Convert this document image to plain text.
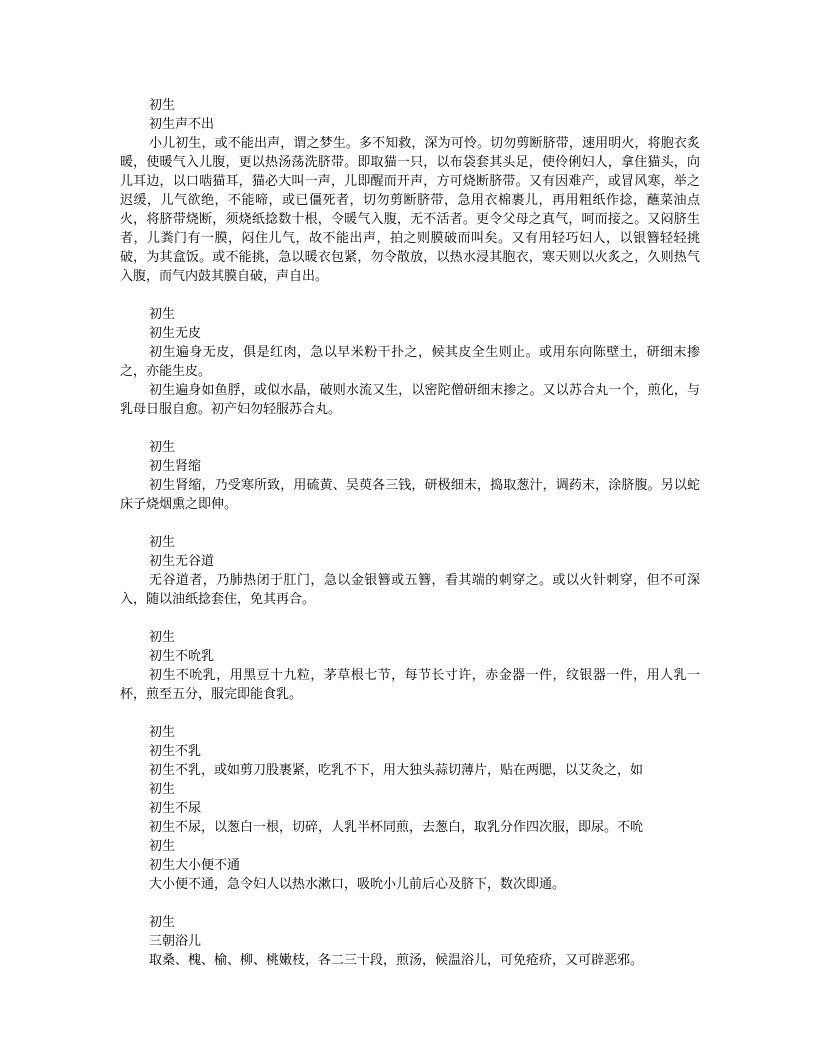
初生

初生声不出

小儿初生，或不能出声，谓之梦生。多不知救，深为可怜。切勿剪断脐带，速用明火，将胞衣炙暖，使暖气入儿腹，更以热汤荡洗脐带。即取猫一只，以布袋套其头足，使伶俐妇人，拿住猫头，向儿耳边，以口啮猫耳，猫必大叫一声，儿即醒而开声，方可烧断脐带。又有因难产，或冒风寒，举之迟缓，儿气欲绝，不能啼，或已僵死者，切勿剪断脐带，急用衣棉裹儿，再用粗纸作捻，蘸菜油点火，将脐带烧断，须烧纸捻数十根，令暖气入腹，无不活者。更令父母之真气，呵而接之。又闷脐生者，儿粪门有一膜，闷住儿气，故不能出声，拍之则膜破而叫矣。又有用轻巧妇人，以银簪轻轻挑破，为其盒饭。或不能挑，急以暖衣包紧，勿令散放，以热水浸其胞衣，寒天则以火炙之，久则热气入腹，而气内鼓其膜自破，声自出。

初生

初生无皮

初生遍身无皮，俱是红肉，急以早米粉干扑之，候其皮全生则止。或用东向陈壁土，研细末掺之，亦能生皮。

初生遍身如鱼脬，或似水晶，破则水流又生，以密陀僧研细末掺之。又以苏合丸一个，煎化，与乳母日服自愈。初产妇勿轻服苏合丸。

初生

初生肾缩

初生肾缩，乃受寒所致，用硫黄、吴萸各三钱，研极细末，捣取葱汁，调药末，涂脐腹。另以蛇床子烧烟熏之即伸。

初生

初生无谷道

无谷道者，乃肺热闭于肛门，急以金银簪或五簪，看其端的刺穿之。或以火针刺穿，但不可深入，随以油纸捻套住，免其再合。

初生

初生不吮乳

初生不吮乳，用黑豆十九粒，茅草根七节，每节长寸许，赤金器一件，纹银器一件，用人乳一杯，煎至五分，服完即能食乳。

初生

初生不乳

初生不乳，或如剪刀股裹紧，吃乳不下，用大独头蒜切薄片，贴在两腮，以艾灸之，如

初生

初生不尿

初生不尿，以葱白一根，切碎，人乳半杯同煎，去葱白，取乳分作四次服，即尿。不吮

初生

初生大小便不通

大小便不通，急令妇人以热水漱口，吸吮小儿前后心及脐下，数次即通。

初生

三朝浴儿

取桑、槐、榆、柳、桃嫩枝，各二三十段，煎汤，候温浴儿，可免疮疥，又可辟恶邪。
